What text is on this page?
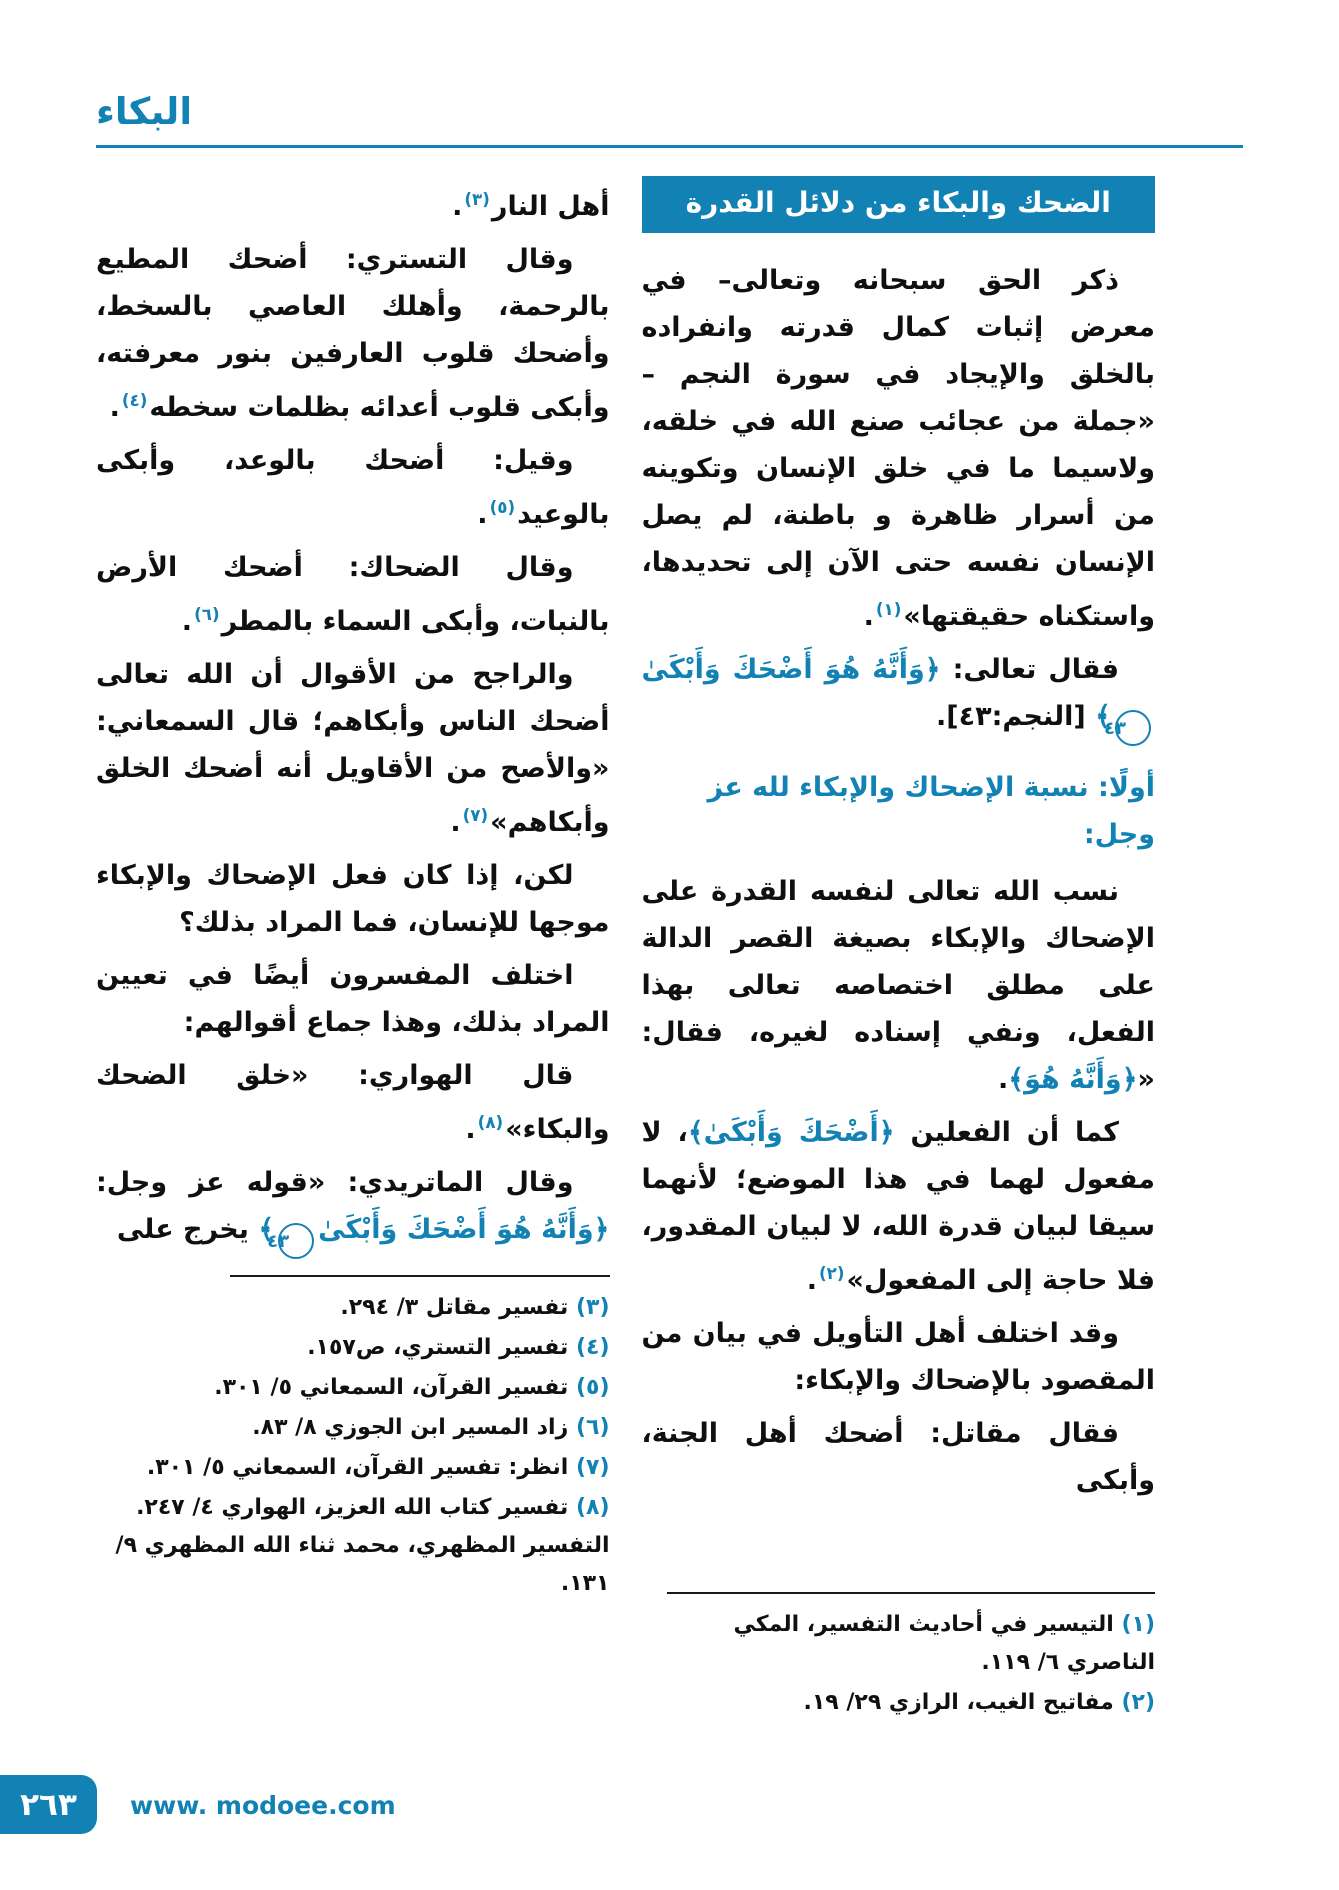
البكاء
الضحك والبكاء من دلائل القدرة

ذكر الحق سبحانه وتعالى– في معرض إثبات كمال قدرته وانفراده بالخلق والإيجاد في سورة النجم – «جملة من عجائب صنع الله في خلقه، ولاسيما ما في خلق الإنسان وتكوينه من أسرار ظاهرة و باطنة، لم يصل الإنسان نفسه حتى الآن إلى تحديدها، واستكناه حقيقتها»$^{(١)}$.

فقال تعالى: ﴿وَأَنَّهُ هُوَ أَضْحَكَ وَأَبْكَىٰ٤٣﴾ [النجم:٤٣].

أولًا: نسبة الإضحاك والإبكاء لله عز وجل:

نسب الله تعالى لنفسه القدرة على الإضحاك والإبكاء بصيغة القصر الدالة على مطلق اختصاصه تعالى بهذا الفعل، ونفي إسناده لغيره، فقال: «﴿وَأَنَّهُ هُوَ﴾.

كما أن الفعلين ﴿أَضْحَكَ وَأَبْكَىٰ﴾، لا مفعول لهما في هذا الموضع؛ لأنهما سيقا لبيان قدرة الله، لا لبيان المقدور، فلا حاجة إلى المفعول»$^{(٢)}$.

وقد اختلف أهل التأويل في بيان من المقصود بالإضحاك والإبكاء:

فقال مقاتل: أضحك أهل الجنة، وأبكى

(١) التيسير في أحاديث التفسير، المكي الناصري ٦/ ١١٩.

(٢) مفاتيح الغيب، الرازي ٢٩/ ١٩.

أهل النار$^{(٣)}$.

وقال التستري: أضحك المطيع بالرحمة، وأهلك العاصي بالسخط، وأضحك قلوب العارفين بنور معرفته، وأبكى قلوب أعدائه بظلمات سخطه$^{(٤)}$.

وقيل: أضحك بالوعد، وأبكى بالوعيد$^{(٥)}$.

وقال الضحاك: أضحك الأرض بالنبات، وأبكى السماء بالمطر$^{(٦)}$.

والراجح من الأقوال أن الله تعالى أضحك الناس وأبكاهم؛ قال السمعاني: «والأصح من الأقاويل أنه أضحك الخلق وأبكاهم»$^{(٧)}$.

لكن، إذا كان فعل الإضحاك والإبكاء موجها للإنسان، فما المراد بذلك؟

اختلف المفسرون أيضًا في تعيين المراد بذلك، وهذا جماع أقوالهم:

قال الهواري: «خلق الضحك والبكاء»$^{(٨)}$.

وقال الماتريدي: «قوله عز وجل: ﴿وَأَنَّهُ هُوَ أَضْحَكَ وَأَبْكَىٰ٤٣﴾ يخرج على

(٣) تفسير مقاتل ٣/ ٢٩٤.

(٤) تفسير التستري، ص١٥٧.

(٥) تفسير القرآن، السمعاني ٥/ ٣٠١.

(٦) زاد المسير ابن الجوزي ٨/ ٨٣.

(٧) انظر: تفسير القرآن، السمعاني ٥/ ٣٠١.

(٨) تفسير كتاب الله العزيز، الهواري ٤/ ٢٤٧. التفسير المظهري، محمد ثناء الله المظهري ٩/ ١٣١.

٢٦٣ www. modoee.com
